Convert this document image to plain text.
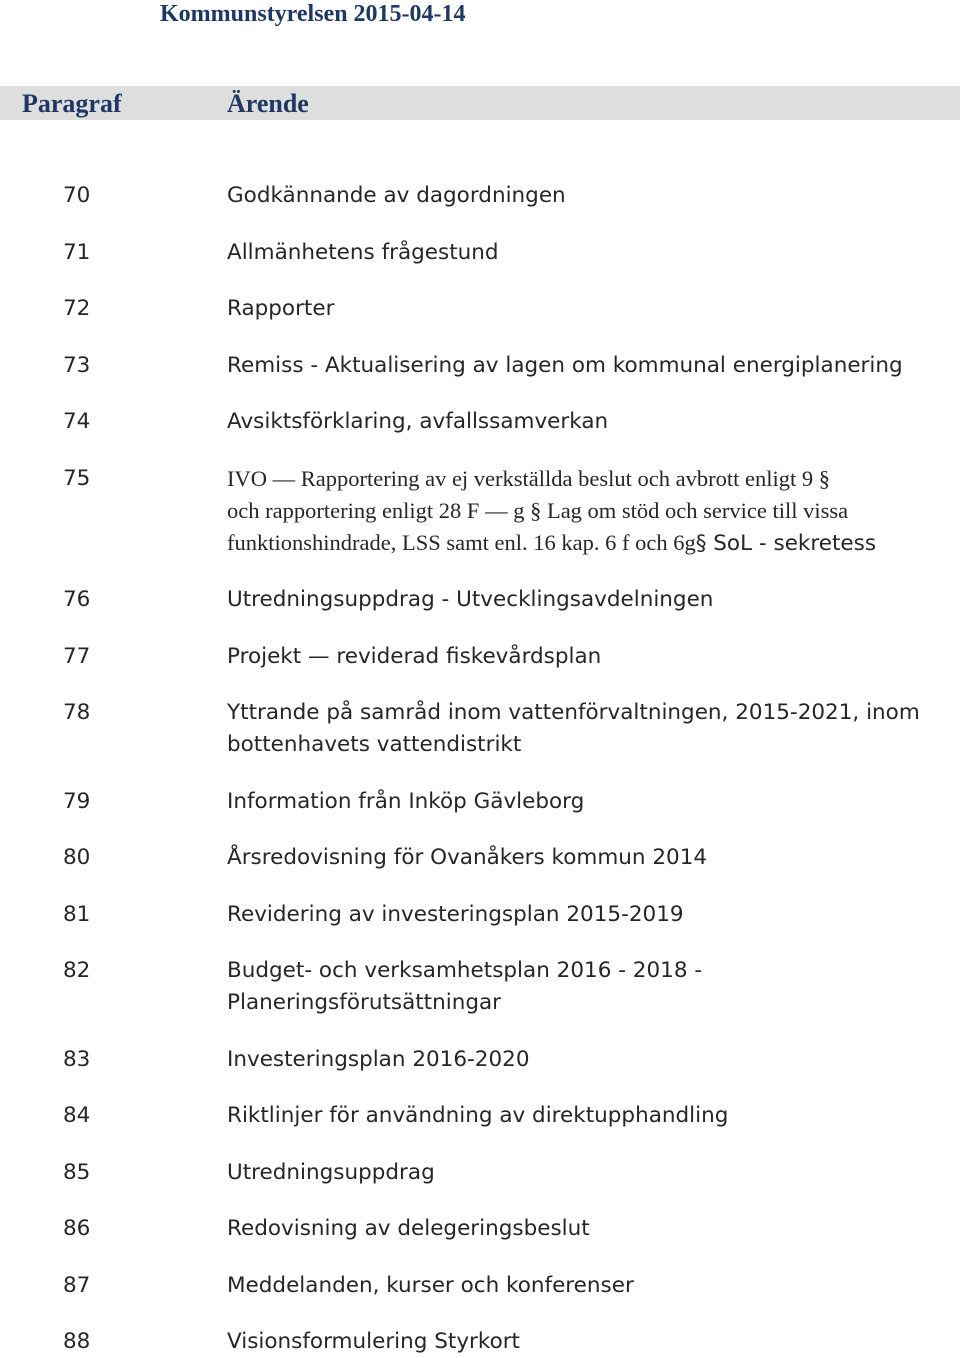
Kommunstyrelsen 2015-04-14
Paragraf	Ärende
70	Godkännande av dagordningen
71	Allmänhetens frågestund
72	Rapporter
73	Remiss - Aktualisering av lagen om kommunal energiplanering
74	Avsiktsförklaring, avfallssamverkan
75	IVO — Rapportering av ej verkställda beslut och avbrott enligt 9 §
och rapportering enligt 28 F — g § Lag om stöd och service till vissa
funktionshindrade, LSS samt enl. 16 kap. 6 f och 6g§ SoL - sekretess
76	Utredningsuppdrag - Utvecklingsavdelningen
77	Projekt — reviderad fiskevårdsplan
78	Yttrande på samråd inom vattenförvaltningen, 2015-2021, inom
bottenhavets vattendistrikt
79	Information från Inköp Gävleborg
80	Årsredovisning för Ovanåkers kommun 2014
81	Revidering av investeringsplan 2015-2019
82	Budget- och verksamhetsplan 2016 - 2018 -
Planeringsförutsättningar
83	Investeringsplan 2016-2020
84	Riktlinjer för användning av direktupphandling
85	Utredningsuppdrag
86	Redovisning av delegeringsbeslut
87	Meddelanden, kurser och konferenser
88	Visionsformulering Styrkort
